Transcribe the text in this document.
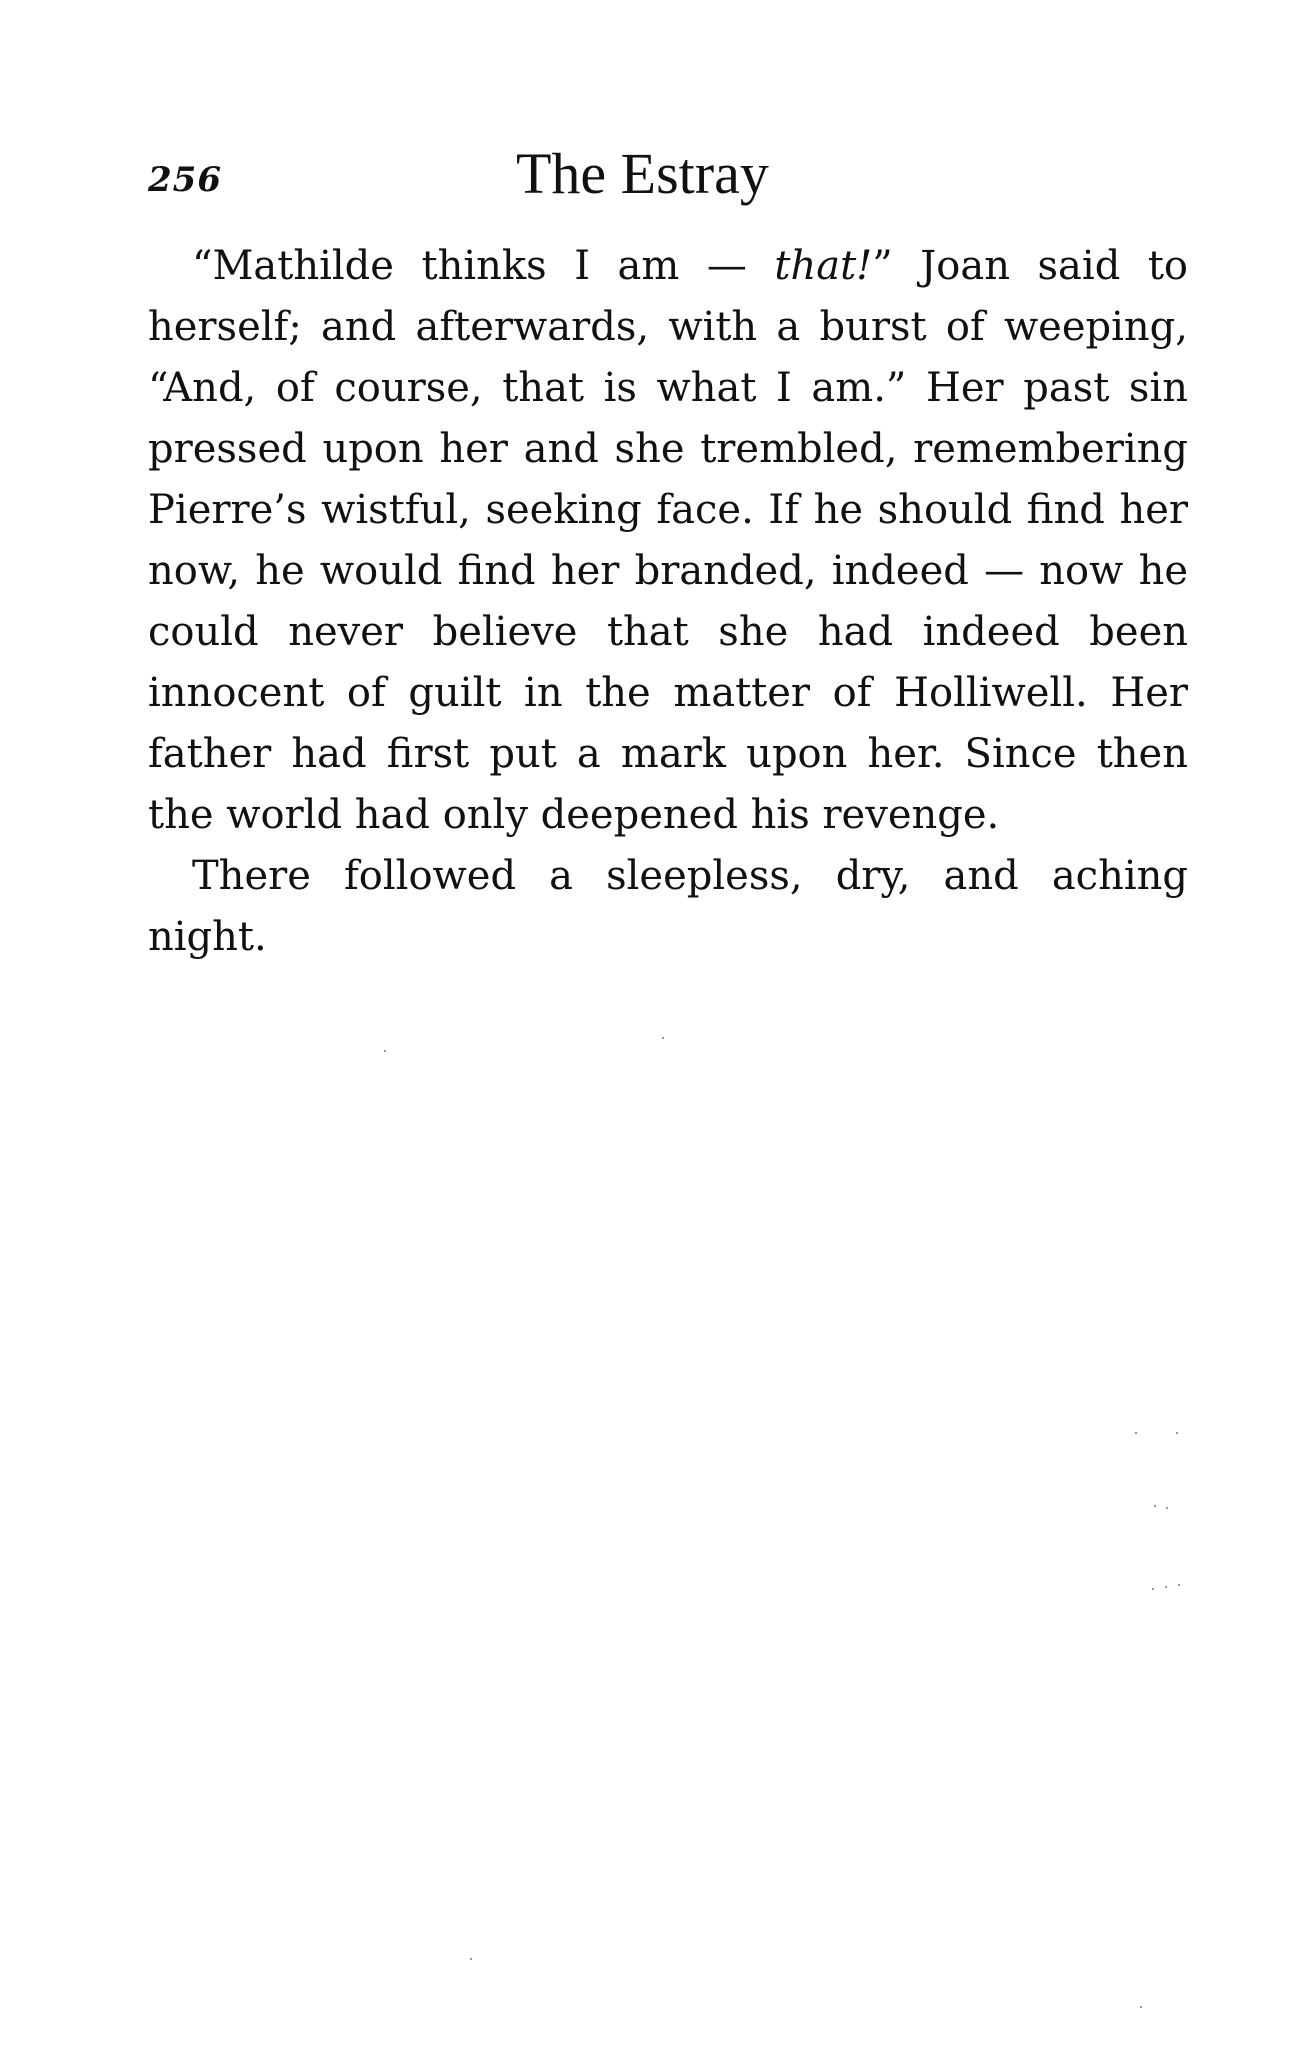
256	The Estray

“Mathilde thinks I am — that!” Joan said to herself; and afterwards, with a burst of weeping, “And, of course, that is what I am.” Her past sin pressed upon her and she trembled, remembering Pierre’s wistful, seeking face. If he should find her now, he would find her branded, indeed — now he could never believe that she had indeed been innocent of guilt in the matter of Holliwell. Her father had first put a mark upon her. Since then the world had only deepened his revenge.

There followed a sleepless, dry, and aching night.
